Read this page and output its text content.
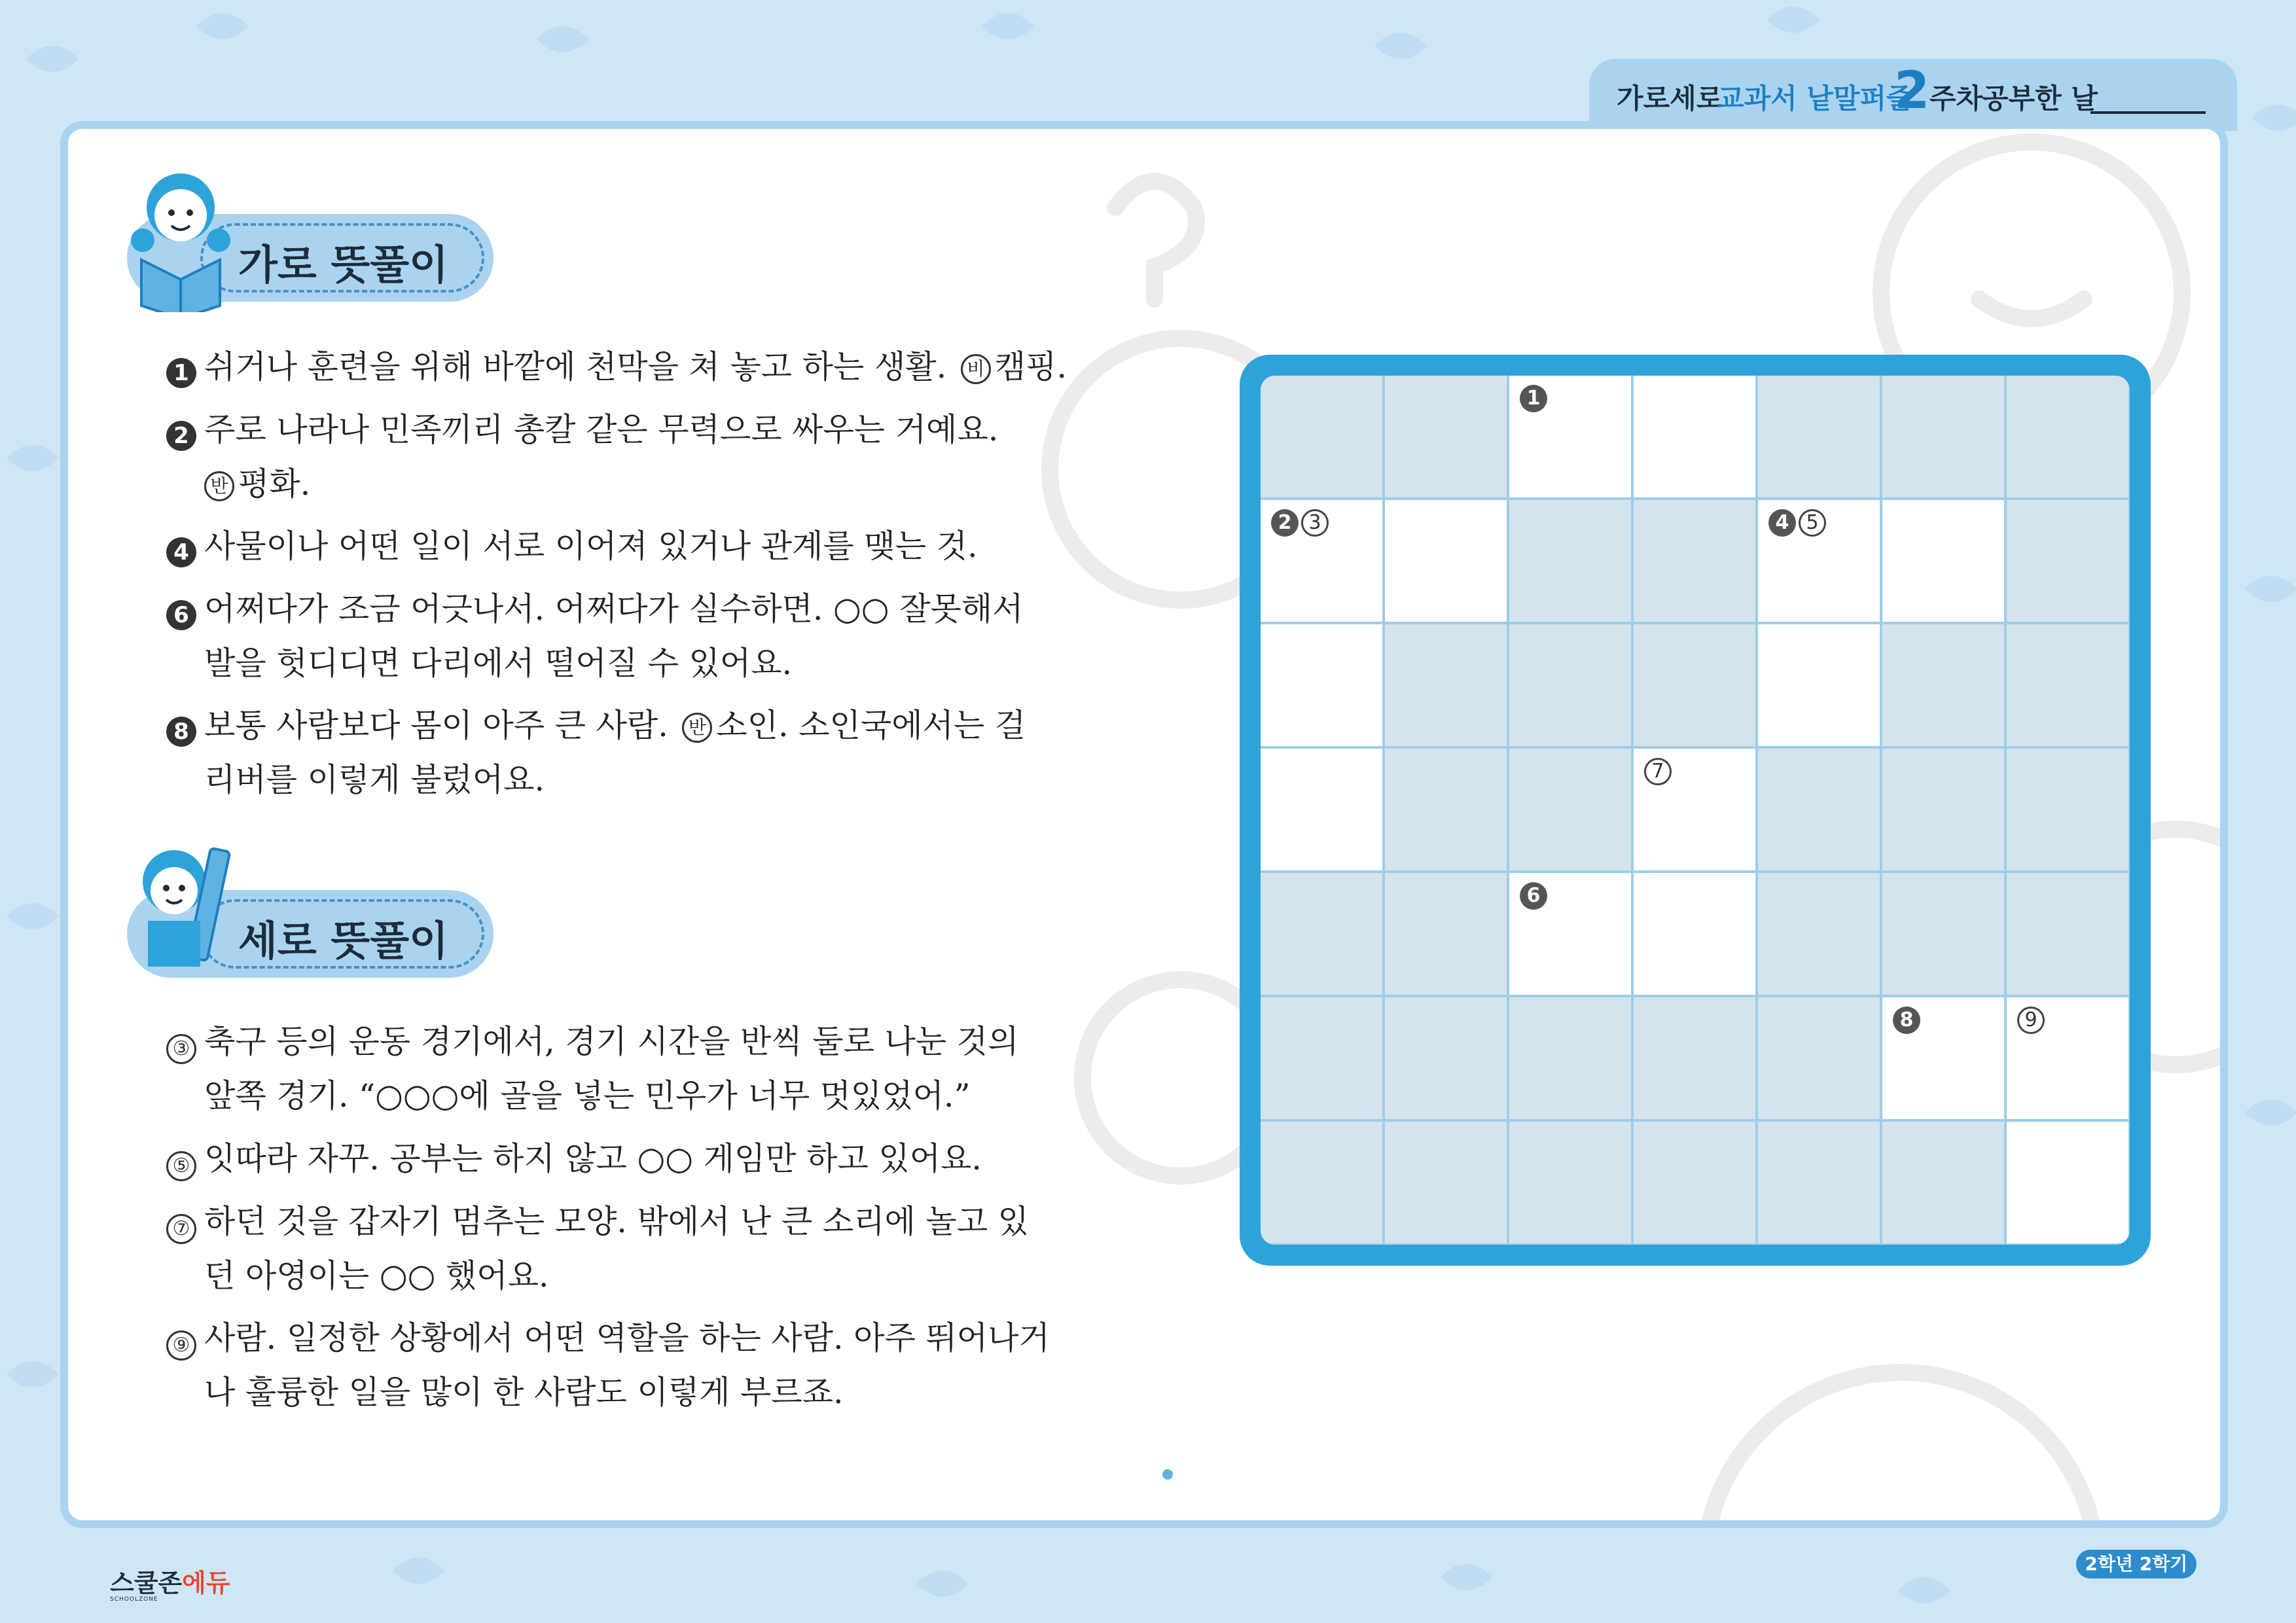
가로세로
교과서 낱말퍼즐
2 주차
공부한 날
가로 뜻풀이
1 쉬거나 훈련을 위해 바깥에 천막을 쳐 놓고 하는 생활. 비 캠핑.
2 주로 나라나 민족끼리 총칼 같은 무력으로 싸우는 거예요.
반 평화.
4 사물이나 어떤 일이 서로 이어져 있거나 관계를 맺는 것.
6 어쩌다가 조금 어긋나서. 어쩌다가 실수하면. ○○ 잘못해서
발을 헛디디면 다리에서 떨어질 수 있어요.
8 보통 사람보다 몸이 아주 큰 사람. 반 소인. 소인국에서는 걸
리버를 이렇게 불렀어요.
세로 뜻풀이
③ 축구 등의 운동 경기에서, 경기 시간을 반씩 둘로 나눈 것의
앞쪽 경기. “○○○에 골을 넣는 민우가 너무 멋있었어.”
⑤ 잇따라 자꾸. 공부는 하지 않고 ○○ 게임만 하고 있어요.
⑦ 하던 것을 갑자기 멈추는 모양. 밖에서 난 큰 소리에 놀고 있
던 아영이는 ○○ 했어요.
⑨ 사람. 일정한 상황에서 어떤 역할을 하는 사람. 아주 뛰어나거
나 훌륭한 일을 많이 한 사람도 이렇게 부르죠.
1
2 3	4 5
7
6
8	9
스쿨존에듀
SCHOOLZONE
2학년 2학기
